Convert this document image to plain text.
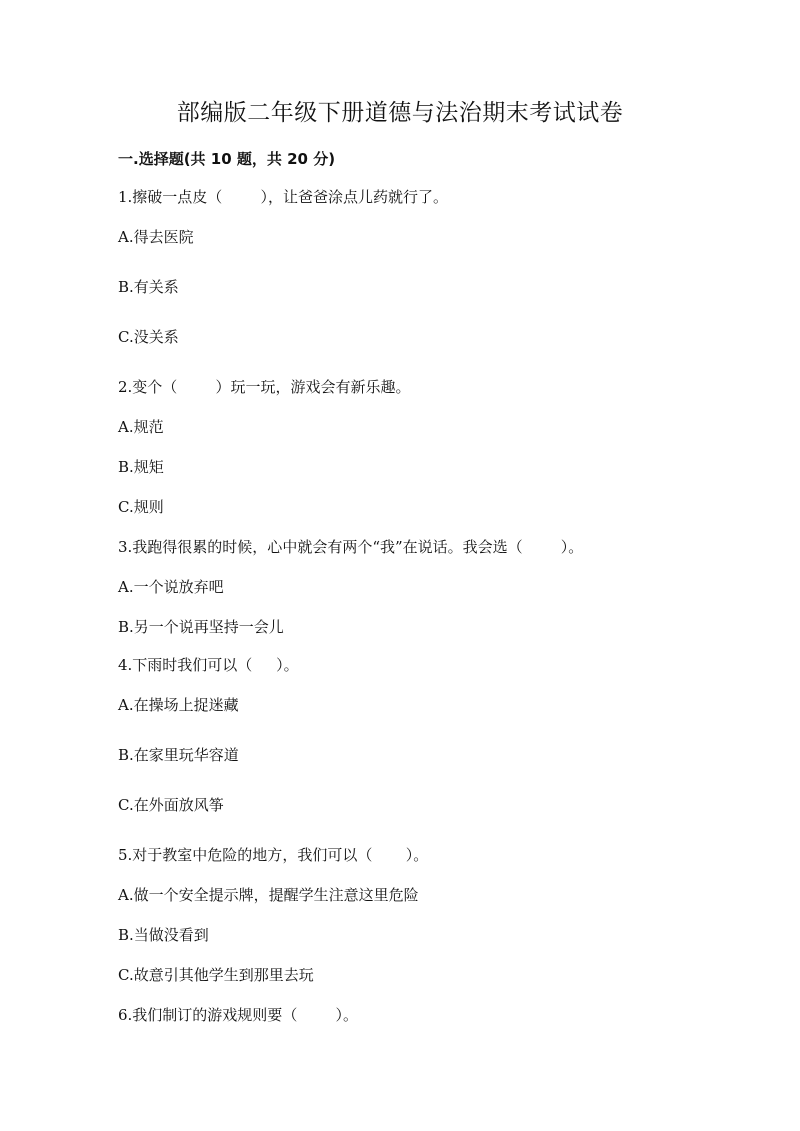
部编版二年级下册道德与法治期末考试试卷
一.选择题(共 10 题，共 20 分)
1.擦破一点皮（        ），让爸爸涂点儿药就行了。
A.得去医院
B.有关系
C.没关系
2.变个（        ）玩一玩，游戏会有新乐趣。
A.规范
B.规矩
C.规则
3.我跑得很累的时候，心中就会有两个“我”在说话。我会选（        ）。
A.一个说放弃吧
B.另一个说再坚持一会儿
4.下雨时我们可以（     ）。
A.在操场上捉迷藏
B.在家里玩华容道
C.在外面放风筝
5.对于教室中危险的地方，我们可以（       ）。
A.做一个安全提示牌，提醒学生注意这里危险
B.当做没看到
C.故意引其他学生到那里去玩
6.我们制订的游戏规则要（        ）。
